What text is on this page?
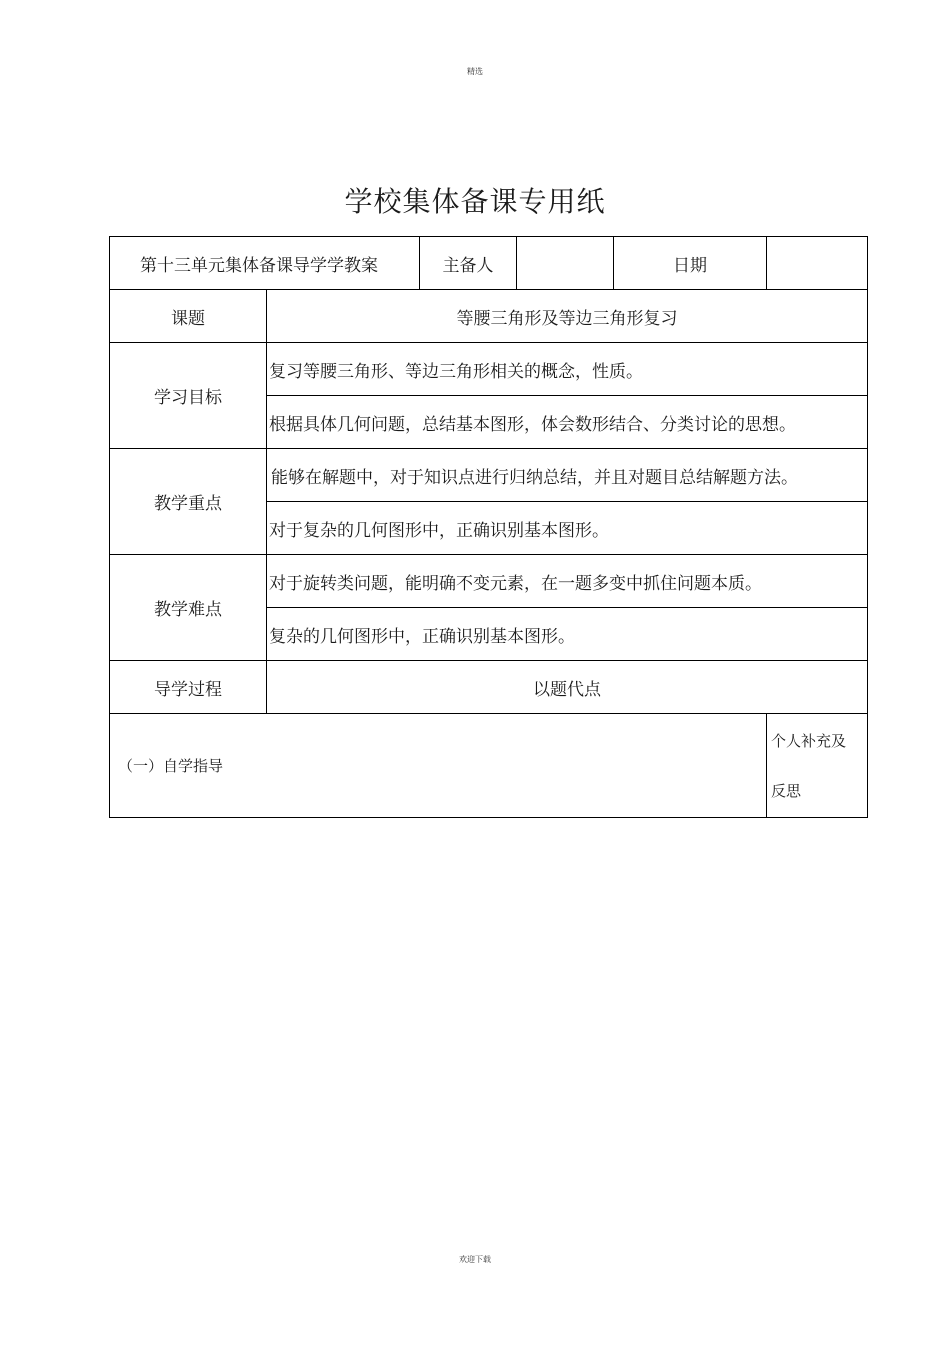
精选
学校集体备课专用纸
第十三单元集体备课导学学教案		主备人		日期	
课题	等腰三角形及等边三角形复习				
学习目标	复习等腰三角形、等边三角形相关的概念，性质。				
	根据具体几何问题，总结基本图形，体会数形结合、分类讨论的思想。				
教学重点	能够在解题中，对于知识点进行归纳总结，并且对题目总结解题方法。				
	对于复杂的几何图形中，正确识别基本图形。				
教学难点	对于旋转类问题，能明确不变元素，在一题多变中抓住问题本质。				
	复杂的几何图形中，正确识别基本图形。				
导学过程	以题代点				
（一）自学指导					个人补充及
反思
欢迎下载
